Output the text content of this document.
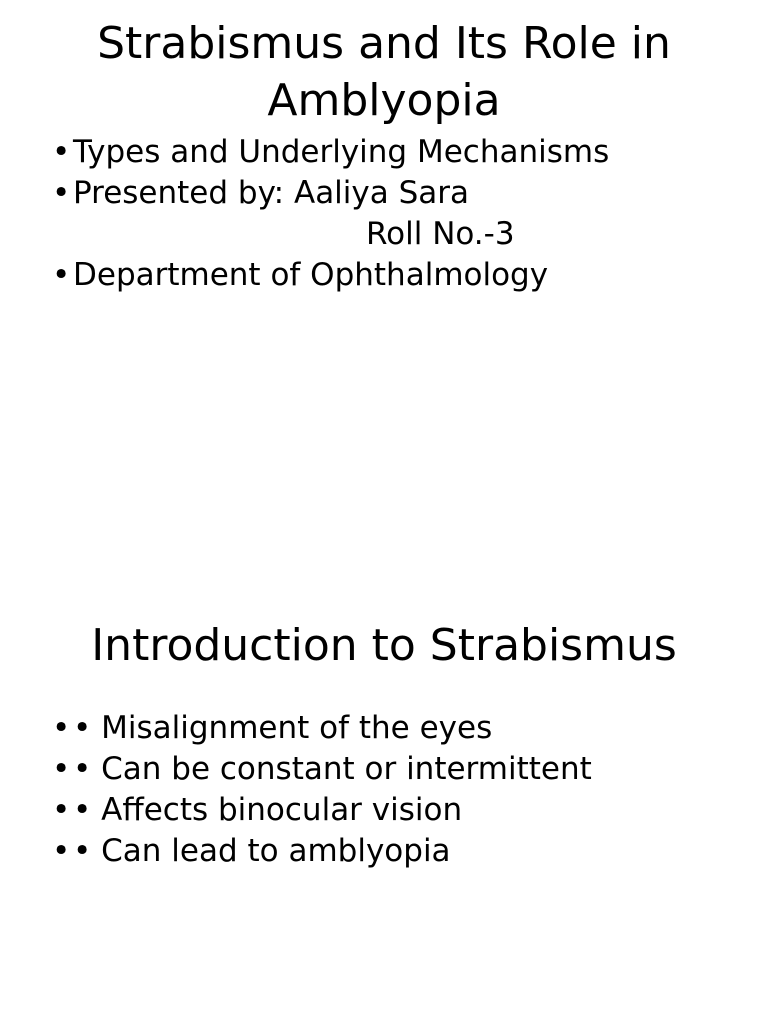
Strabismus and Its Role in Amblyopia
• Types and Underlying Mechanisms
• Presented by: Aaliya Sara
Roll No.-3
• Department of Ophthalmology
Introduction to Strabismus
• • Misalignment of the eyes
• • Can be constant or intermittent
• • Affects binocular vision
• • Can lead to amblyopia
